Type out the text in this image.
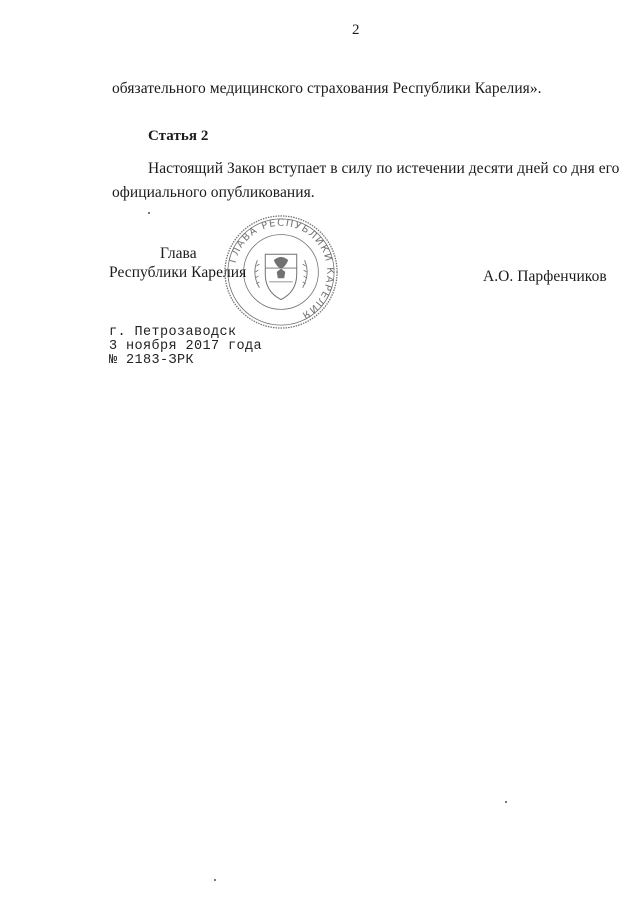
2
обязательного медицинского страхования Республики Карелия».
Статья 2
Настоящий Закон вступает в силу по истечении десяти дней со дня его
официального опубликования.
ГЛАВА РЕСПУБЛИКИ КАРЕЛИЯ
Глава
Республики Карелия	А.О. Парфенчиков
г. Петрозаводск
3 ноября 2017 года
№ 2183-ЗРК
